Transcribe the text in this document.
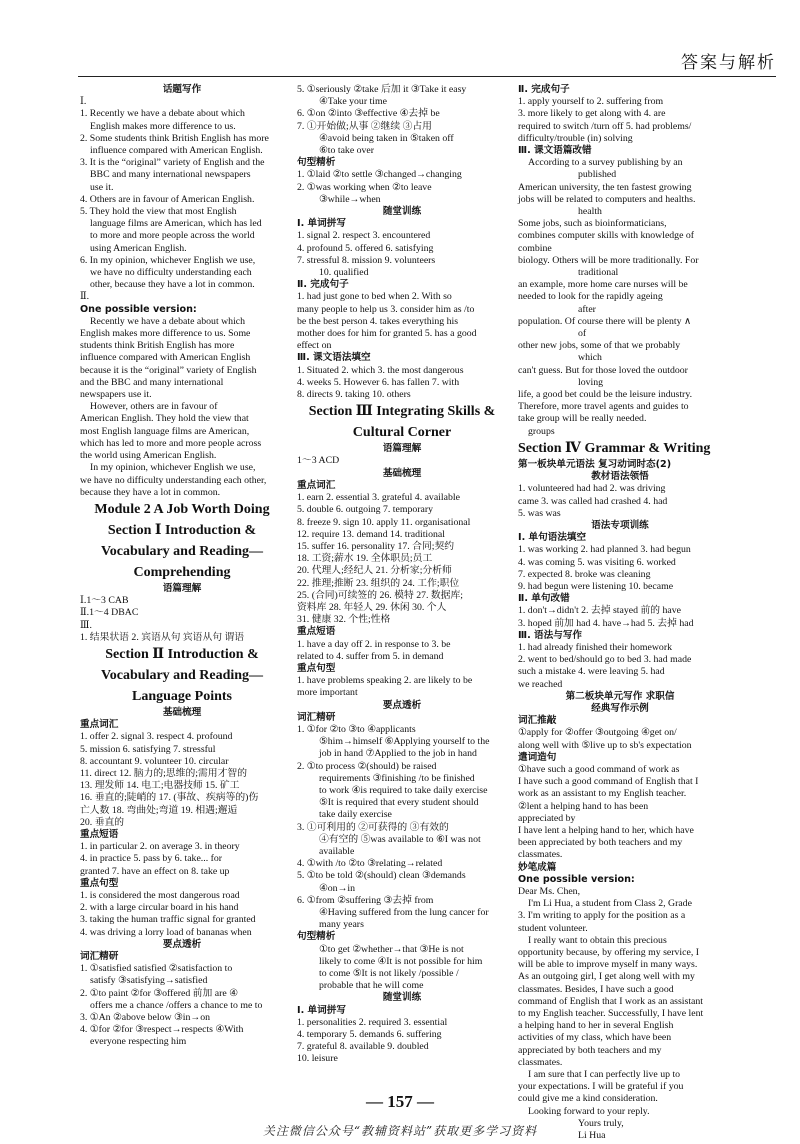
答案与解析
话题写作
Ⅰ.
1. Recently we have a debate about which
English makes more difference to us.
2. Some students think British English has more
influence compared with American English.
3. It is the “original” variety of English and the
BBC and many international newspapers
use it.
4. Others are in favour of American English.
5. They hold the view that most English
language films are American, which has led
to more and more people across the world
using American English.
6. In my opinion, whichever English we use,
we have no difficulty understanding each
other, because they have a lot in common.
Ⅱ.
One possible version:
Recently we have a debate about which
English makes more difference to us. Some
students think British English has more
influence compared with American English
because it is the “original” variety of English
and the BBC and many international
newspapers use it.
However, others are in favour of
American English. They hold the view that
most English language films are American,
which has led to more and more people across
the world using American English.
In my opinion, whichever English we use,
we have no difficulty understanding each other,
because they have a lot in common.
Module 2 A Job Worth Doing
Section Ⅰ Introduction &
Vocabulary and Reading—
Comprehending
语篇理解
Ⅰ.1～3 CAB
Ⅱ.1～4 DBAC
Ⅲ.
1. 结果状语 2. 宾语从句 宾语从句 谓语
Section Ⅱ Introduction &
Vocabulary and Reading—
Language Points
基础梳理
重点词汇
1. offer 2. signal 3. respect 4. profound
5. mission 6. satisfying 7. stressful
8. accountant 9. volunteer 10. circular
11. direct 12. 脑力的;思维的;需用才智的
13. 理发师 14. 电工;电器技师 15. 矿工
16. 垂直的;陡峭的 17. (事故、疾病等的)伤
亡人数 18. 弯曲处;弯道 19. 相遇;邂逅
20. 垂直的
重点短语
1. in particular 2. on average 3. in theory
4. in practice 5. pass by 6. take... for
granted 7. have an effect on 8. take up
重点句型
1. is considered the most dangerous road
2. with a large circular board in his hand
3. taking the human traffic signal for granted
4. was driving a lorry load of bananas when
要点透析
词汇精研
1. ①satisfied satisfied ②satisfaction to
satisfy ③satisfying→satisfied
2. ①to paint ②for ③offered 前加 are ④
offers me a chance /offers a chance to me to
3. ①An ②above below ③in→on
4. ①for ②for ③respect→respects ④With
everyone respecting him
5. ①seriously ②take 后加 it ③Take it easy
④Take your time
6. ①on ②into ③effective ④去掉 be
7. ①开始做;从事 ②继续 ③占用
④avoid being taken in ⑤taken off
⑥to take over
句型精析
1. ①laid ②to settle ③changed→changing
2. ①was working when ②to leave
③while→when
随堂训练
Ⅰ. 单词拼写
1. signal 2. respect 3. encountered
4. profound 5. offered 6. satisfying
7. stressful 8. mission 9. volunteers
10. qualified
Ⅱ. 完成句子
1. had just gone to bed when 2. With so
many people to help us 3. consider him as /to
be the best person 4. takes everything his
mother does for him for granted 5. has a good
effect on
Ⅲ. 课文语法填空
1. Situated 2. which 3. the most dangerous
4. weeks 5. However 6. has fallen 7. with
8. directs 9. taking 10. others
Section Ⅲ Integrating Skills &
Cultural Corner
语篇理解
1～3 ACD
基础梳理
重点词汇
1. earn 2. essential 3. grateful 4. available
5. double 6. outgoing 7. temporary
8. freeze 9. sign 10. apply 11. organisational
12. require 13. demand 14. traditional
15. suffer 16. personality 17. 合同;契约
18. 工资;薪水 19. 全体职员;员工
20. 代理人;经纪人 21. 分析家;分析师
22. 推理;推断 23. 组织的 24. 工作;职位
25. (合同)可续签的 26. 模特 27. 数据库;
资料库 28. 年轻人 29. 休闲 30. 个人
31. 健康 32. 个性;性格
重点短语
1. have a day off 2. in response to 3. be
related to 4. suffer from 5. in demand
重点句型
1. have problems speaking 2. are likely to be
more important
要点透析
词汇精研
1. ①for ②to ③to ④applicants
⑤him→himself ⑥Applying yourself to the
job in hand ⑦Applied to the job in hand
2. ①to process ②(should) be raised
requirements ③finishing /to be finished
to work ④is required to take daily exercise
⑤It is required that every student should
take daily exercise
3. ①可利用的 ②可获得的 ③有效的
④有空的 ⑤was available to ⑥I was not
available
4. ①with /to ②to ③relating→related
5. ①to be told ②(should) clean ③demands
④on→in
6. ①from ②suffering ③去掉 from
④Having suffered from the lung cancer for
many years
句型精析
①to get ②whether→that ③He is not
likely to come ④It is not possible for him
to come ⑤It is not likely /possible /
probable that he will come
随堂训练
Ⅰ. 单词拼写
1. personalities 2. required 3. essential
4. temporary 5. demands 6. suffering
7. grateful 8. available 9. doubled
10. leisure
Ⅱ. 完成句子
1. apply yourself to 2. suffering from
3. more likely to get along with 4. are
required to switch /turn off 5. had problems/
difficulty/trouble (in) solving
Ⅲ. 课文语篇改错
According to a survey publishing by an
published
American university, the ten fastest growing
jobs will be related to computers and healths.
health
Some jobs, such as bioinformaticians,
combines computer skills with knowledge of
combine
biology. Others will be more traditionally. For
traditional
an example, more home care nurses will be
needed to look for the rapidly ageing
after
population. Of course there will be plenty ∧
of
other new jobs, some of that we probably
which
can't guess. But for those loved the outdoor
loving
life, a good bet could be the leisure industry.
Therefore, more travel agents and guides to
take group will be really needed.
groups
Section Ⅳ Grammar & Writing
第一板块单元语法 复习动词时态(2)
教材语法领悟
1. volunteered had had 2. was driving
came 3. was called had crashed 4. had
5. was was
语法专项训练
Ⅰ. 单句语法填空
1. was working 2. had planned 3. had begun
4. was coming 5. was visiting 6. worked
7. expected 8. broke was cleaning
9. had begun were listening 10. became
Ⅱ. 单句改错
1. don't→didn't 2. 去掉 stayed 前的 have
3. hoped 前加 had 4. have→had 5. 去掉 had
Ⅲ. 语法与写作
1. had already finished their homework
2. went to bed/should go to bed 3. had made
such a mistake 4. were leaving 5. had
we reached
第二板块单元写作 求职信
经典写作示例
词汇推敲
①apply for ②offer ③outgoing ④get on/
along well with ⑤live up to sb's expectation
遣词造句
①have such a good command of work as
I have such a good command of English that I
work as an assistant to my English teacher.
②lent a helping hand to has been
appreciated by
I have lent a helping hand to her, which have
been appreciated by both teachers and my
classmates.
妙笔成篇
One possible version:
Dear Ms. Chen,
I'm Li Hua, a student from Class 2, Grade
3. I'm writing to apply for the position as a
student volunteer.
I really want to obtain this precious
opportunity because, by offering my service, I
will be able to improve myself in many ways.
As an outgoing girl, I get along well with my
classmates. Besides, I have such a good
command of English that I work as an assistant
to my English teacher. Successfully, I have lent
a helping hand to her in several English
activities of my class, which have been
appreciated by both teachers and my
classmates.
I am sure that I can perfectly live up to
your expectations. I will be grateful if you
could give me a kind consideration.
Looking forward to your reply.
Yours truly,
Li Hua
— 157 —
关注微信公众号“教辅资料站”获取更多学习资料
